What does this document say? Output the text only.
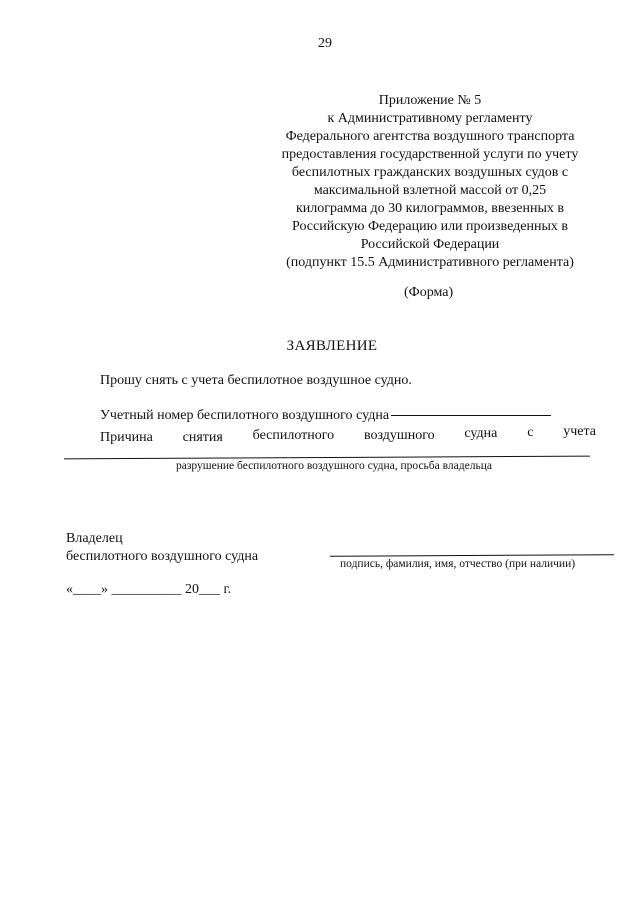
29
Приложение № 5
к Административному регламенту
Федерального агентства воздушного транспорта
предоставления государственной услуги по учету
беспилотных гражданских воздушных судов с
максимальной взлетной массой от 0,25
килограмма до 30 килограммов, ввезенных в
Российскую Федерацию или произведенных в
Российской Федерации
(подпункт 15.5 Административного регламента)
(Форма)
ЗАЯВЛЕНИЕ
Прошу снять с учета беспилотное воздушное судно.
Учетный номер беспилотного воздушного судна
Причина снятия беспилотного воздушного судна с учета
разрушение беспилотного воздушного судна, просьба владельца
Владелец
беспилотного воздушного судна	подпись, фамилия, имя, отчество (при наличии)
«____» __________ 20___ г.
